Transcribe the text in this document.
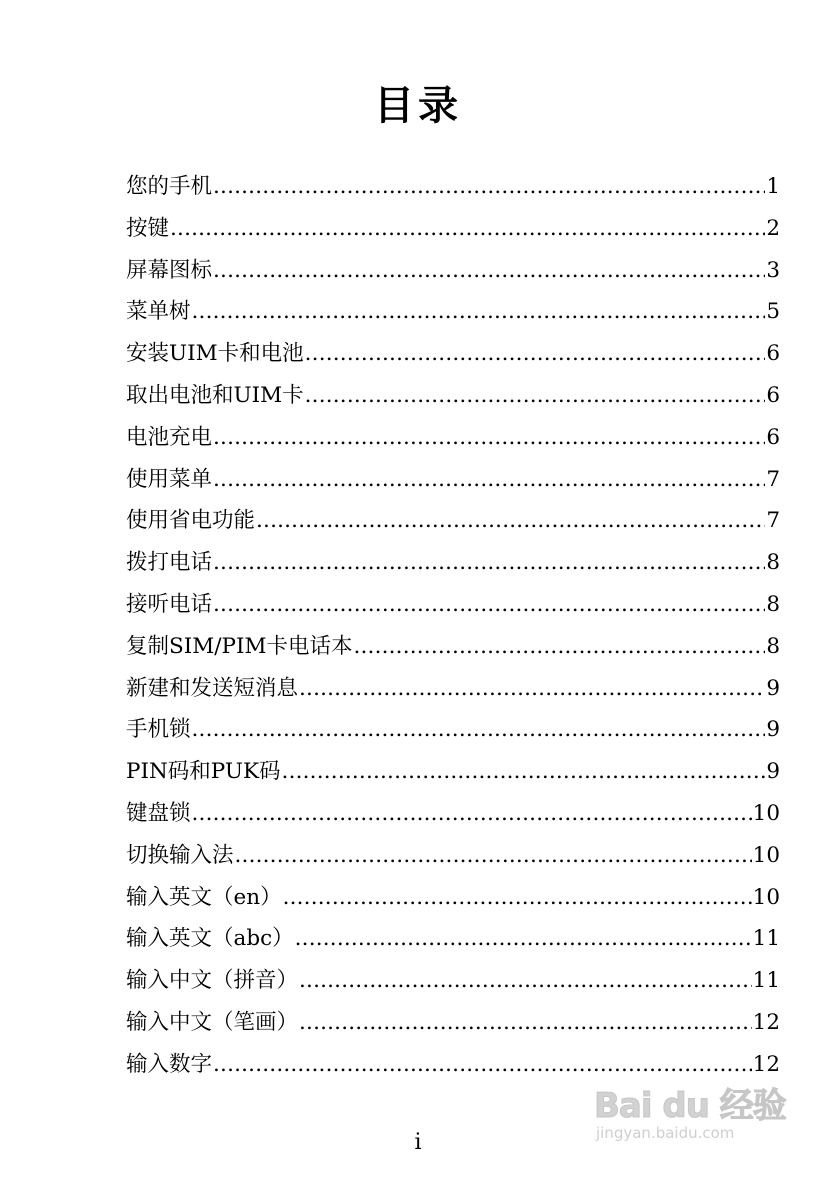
目录
您的手机 .....	1
按键 .....	2
屏幕图标 .....	3
菜单树 .....	5
安装UIM卡和电池 .....	6
取出电池和UIM卡 .....	6
电池充电 .....	6
使用菜单 .....	7
使用省电功能 .....	7
拨打电话 .....	8
接听电话 .....	8
复制SIM/PIM卡电话本 .....	8
新建和发送短消息 .....	9
手机锁 .....	9
PIN码和PUK码 .....	9
键盘锁 .....	10
切换输入法 .....	10
输入英文（en） .....	10
输入英文（abc） .....	11
输入中文（拼音） .....	11
输入中文（笔画） .....	12
输入数字 .....	12
i
Bai du 经验
jingyan.baidu.com
